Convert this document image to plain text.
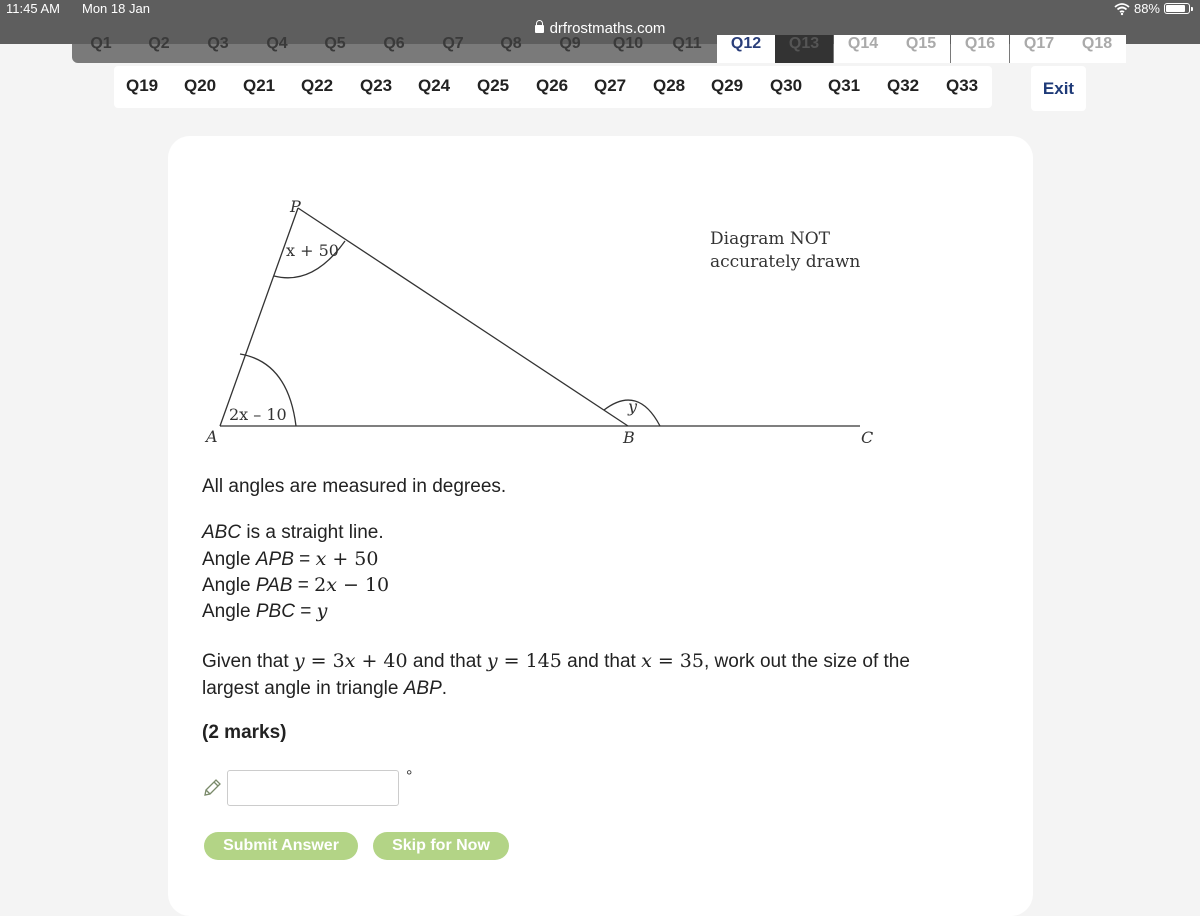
11:45 AM Mon 18 Jan	88%
drfrostmaths.com
Q1	Q2	Q3	Q4	Q5	Q6	Q7	Q8	Q9	Q10	Q11	Q12	Q13	Q14	Q15	Q16	Q17	Q18
Q19 Q20 Q21 Q22 Q23 Q24 Q25 Q26 Q27 Q28 Q29 Q30 Q31 Q32 Q33	Exit
P
A	B	C
x + 50
2x – 10	y
Diagram NOT
accurately drawn
All angles are measured in degrees.
ABC is a straight line.
Angle APB = x + 50
Angle PAB = 2x − 10
Angle PBC = y
Given that y = 3x + 40 and that y = 145 and that x = 35, work out the size of the
largest angle in triangle ABP.
(2 marks)
°
Submit Answer	Skip for Now
